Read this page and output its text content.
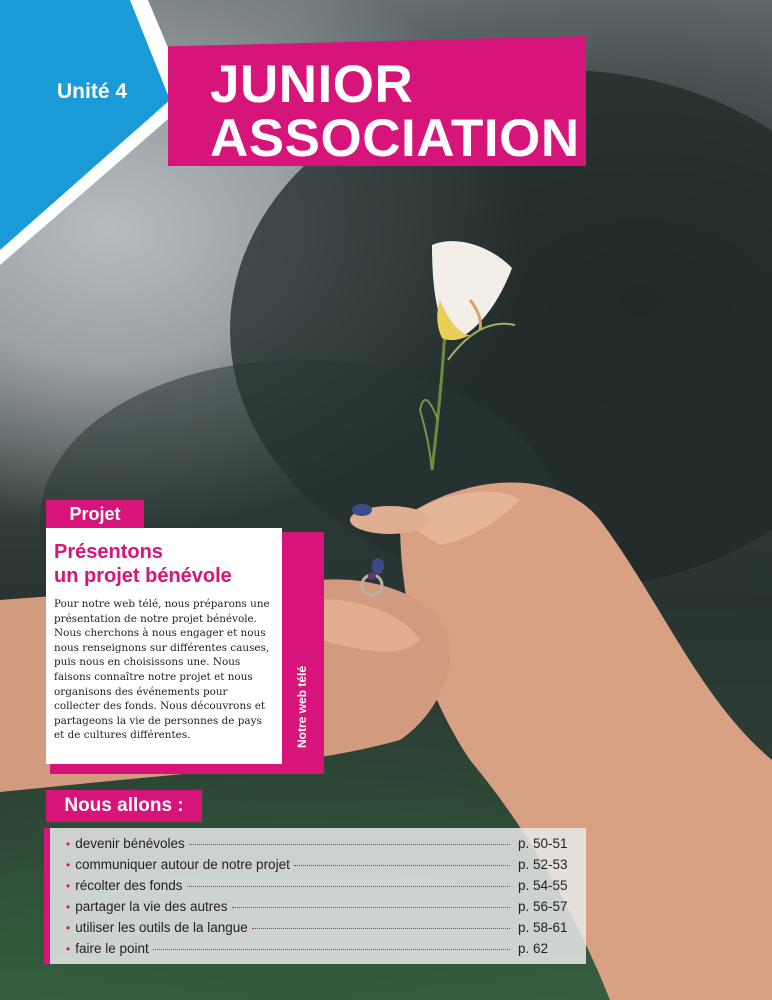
Unité 4 JUNIOR
ASSOCIATION
Projet
Notre web télé

Présentons
un projet bénévole

Pour notre web télé, nous préparons une présentation de notre projet bénévole. Nous cherchons à nous engager et nous nous renseignons sur différentes causes, puis nous en choisissons une. Nous faisons connaître notre projet et nous organisons des événements pour collecter des fonds. Nous découvrons et partageons la vie de personnes de pays et de cultures différentes.

Nous allons :
• devenir bénévoles	p. 50-51
• communiquer autour de notre projet	p. 52-53
• récolter des fonds	p. 54-55
• partager la vie des autres	p. 56-57
• utiliser les outils de la langue	p. 58-61
• faire le point	p. 62
